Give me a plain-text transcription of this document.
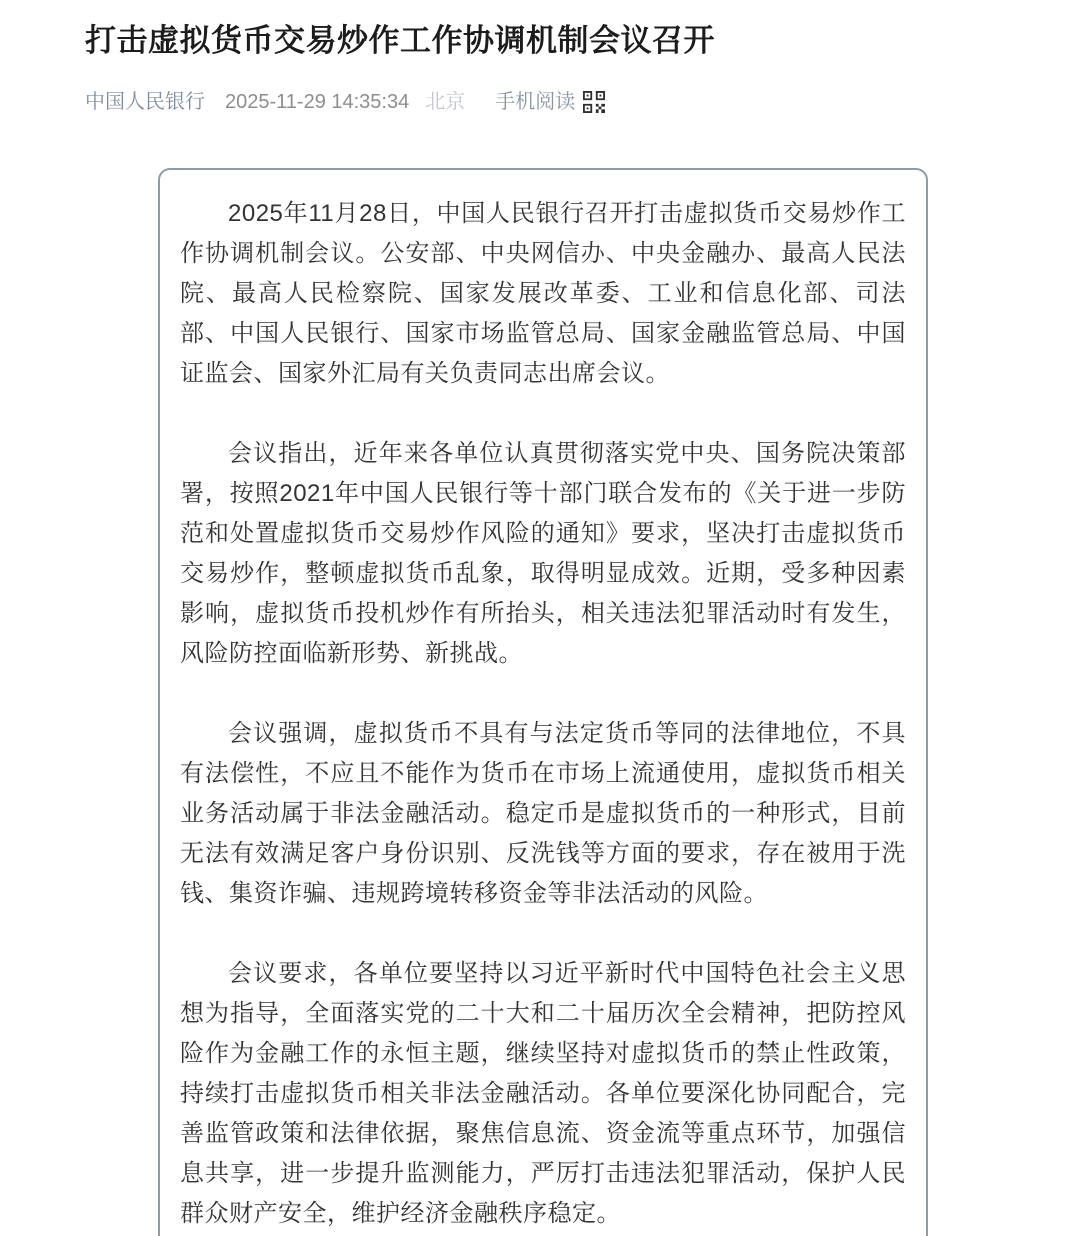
打击虚拟货币交易炒作工作协调机制会议召开
中国人民银行 2025-11-29 14:35:34 北京 手机阅读

2025年11月28日，中国人民银行召开打击虚拟货币交易炒作工作协调机制会议。公安部、中央网信办、中央金融办、最高人民法院、最高人民检察院、国家发展改革委、工业和信息化部、司法部、中国人民银行、国家市场监管总局、国家金融监管总局、中国证监会、国家外汇局有关负责同志出席会议。

会议指出，近年来各单位认真贯彻落实党中央、国务院决策部署，按照2021年中国人民银行等十部门联合发布的《关于进一步防范和处置虚拟货币交易炒作风险的通知》要求，坚决打击虚拟货币交易炒作，整顿虚拟货币乱象，取得明显成效。近期，受多种因素影响，虚拟货币投机炒作有所抬头，相关违法犯罪活动时有发生，风险防控面临新形势、新挑战。

会议强调，虚拟货币不具有与法定货币等同的法律地位，不具有法偿性，不应且不能作为货币在市场上流通使用，虚拟货币相关业务活动属于非法金融活动。稳定币是虚拟货币的一种形式，目前无法有效满足客户身份识别、反洗钱等方面的要求，存在被用于洗钱、集资诈骗、违规跨境转移资金等非法活动的风险。

会议要求，各单位要坚持以习近平新时代中国特色社会主义思想为指导，全面落实党的二十大和二十届历次全会精神，把防控风险作为金融工作的永恒主题，继续坚持对虚拟货币的禁止性政策，持续打击虚拟货币相关非法金融活动。各单位要深化协同配合，完善监管政策和法律依据，聚焦信息流、资金流等重点环节，加强信息共享，进一步提升监测能力，严厉打击违法犯罪活动，保护人民群众财产安全，维护经济金融秩序稳定。
